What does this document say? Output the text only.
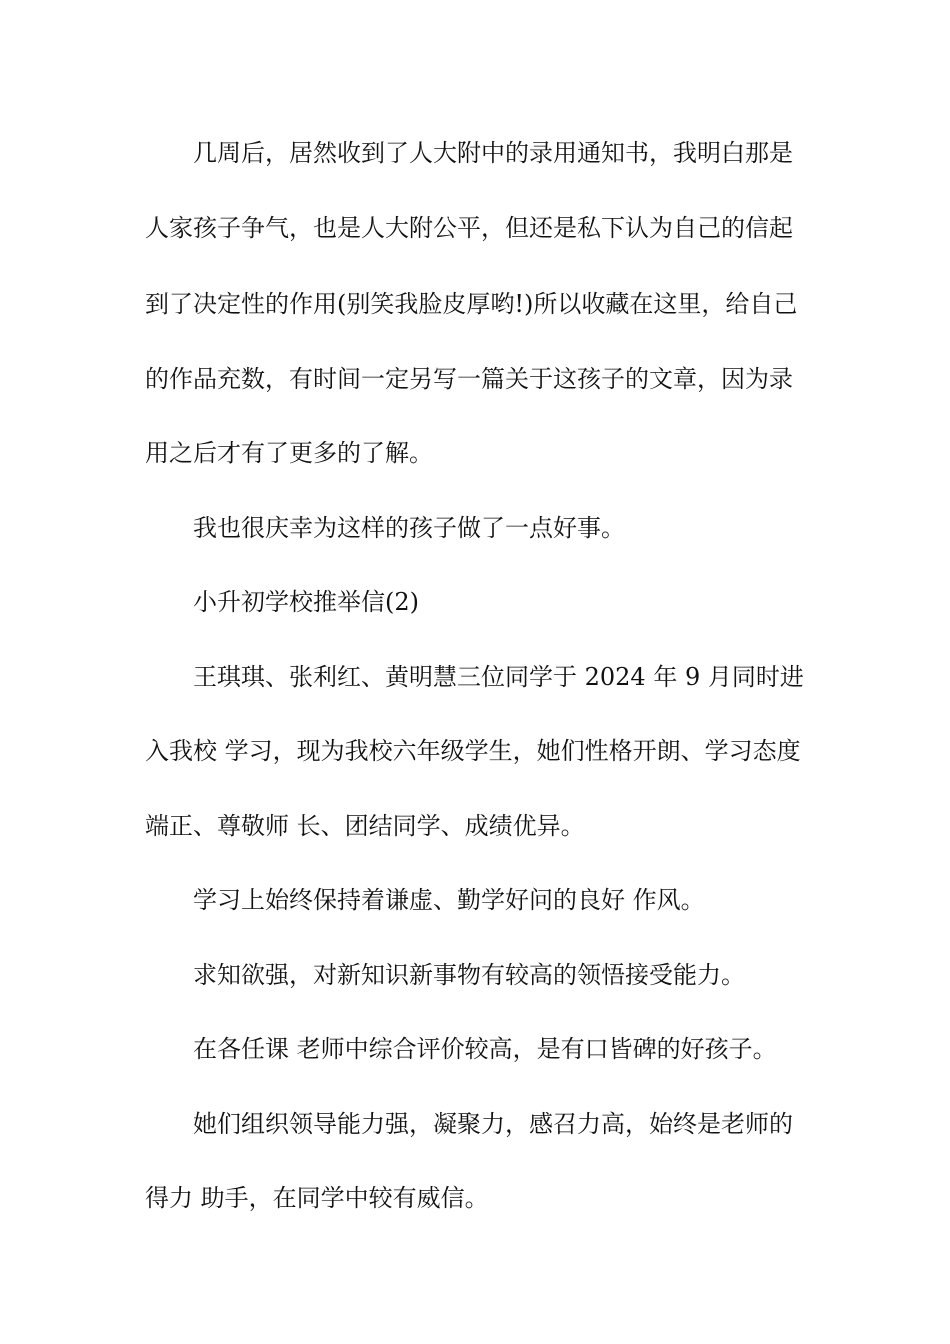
几周后，居然收到了人大附中的录用通知书，我明白那是
人家孩子争气，也是人大附公平，但还是私下认为自己的信起
到了决定性的作用(别笑我脸皮厚哟!)所以收藏在这里，给自己
的作品充数，有时间一定另写一篇关于这孩子的文章，因为录
用之后才有了更多的了解。
我也很庆幸为这样的孩子做了一点好事。
小升初学校推举信(2)
王琪琪、张利红、黄明慧三位同学于 2024 年 9 月同时进
入我校 学习，现为我校六年级学生，她们性格开朗、学习态度
端正、尊敬师 长、团结同学、成绩优异。
学习上始终保持着谦虚、勤学好问的良好 作风。
求知欲强，对新知识新事物有较高的领悟接受能力。
在各任课 老师中综合评价较高，是有口皆碑的好孩子。
她们组织领导能力强，凝聚力，感召力高，始终是老师的
得力 助手，在同学中较有威信。
